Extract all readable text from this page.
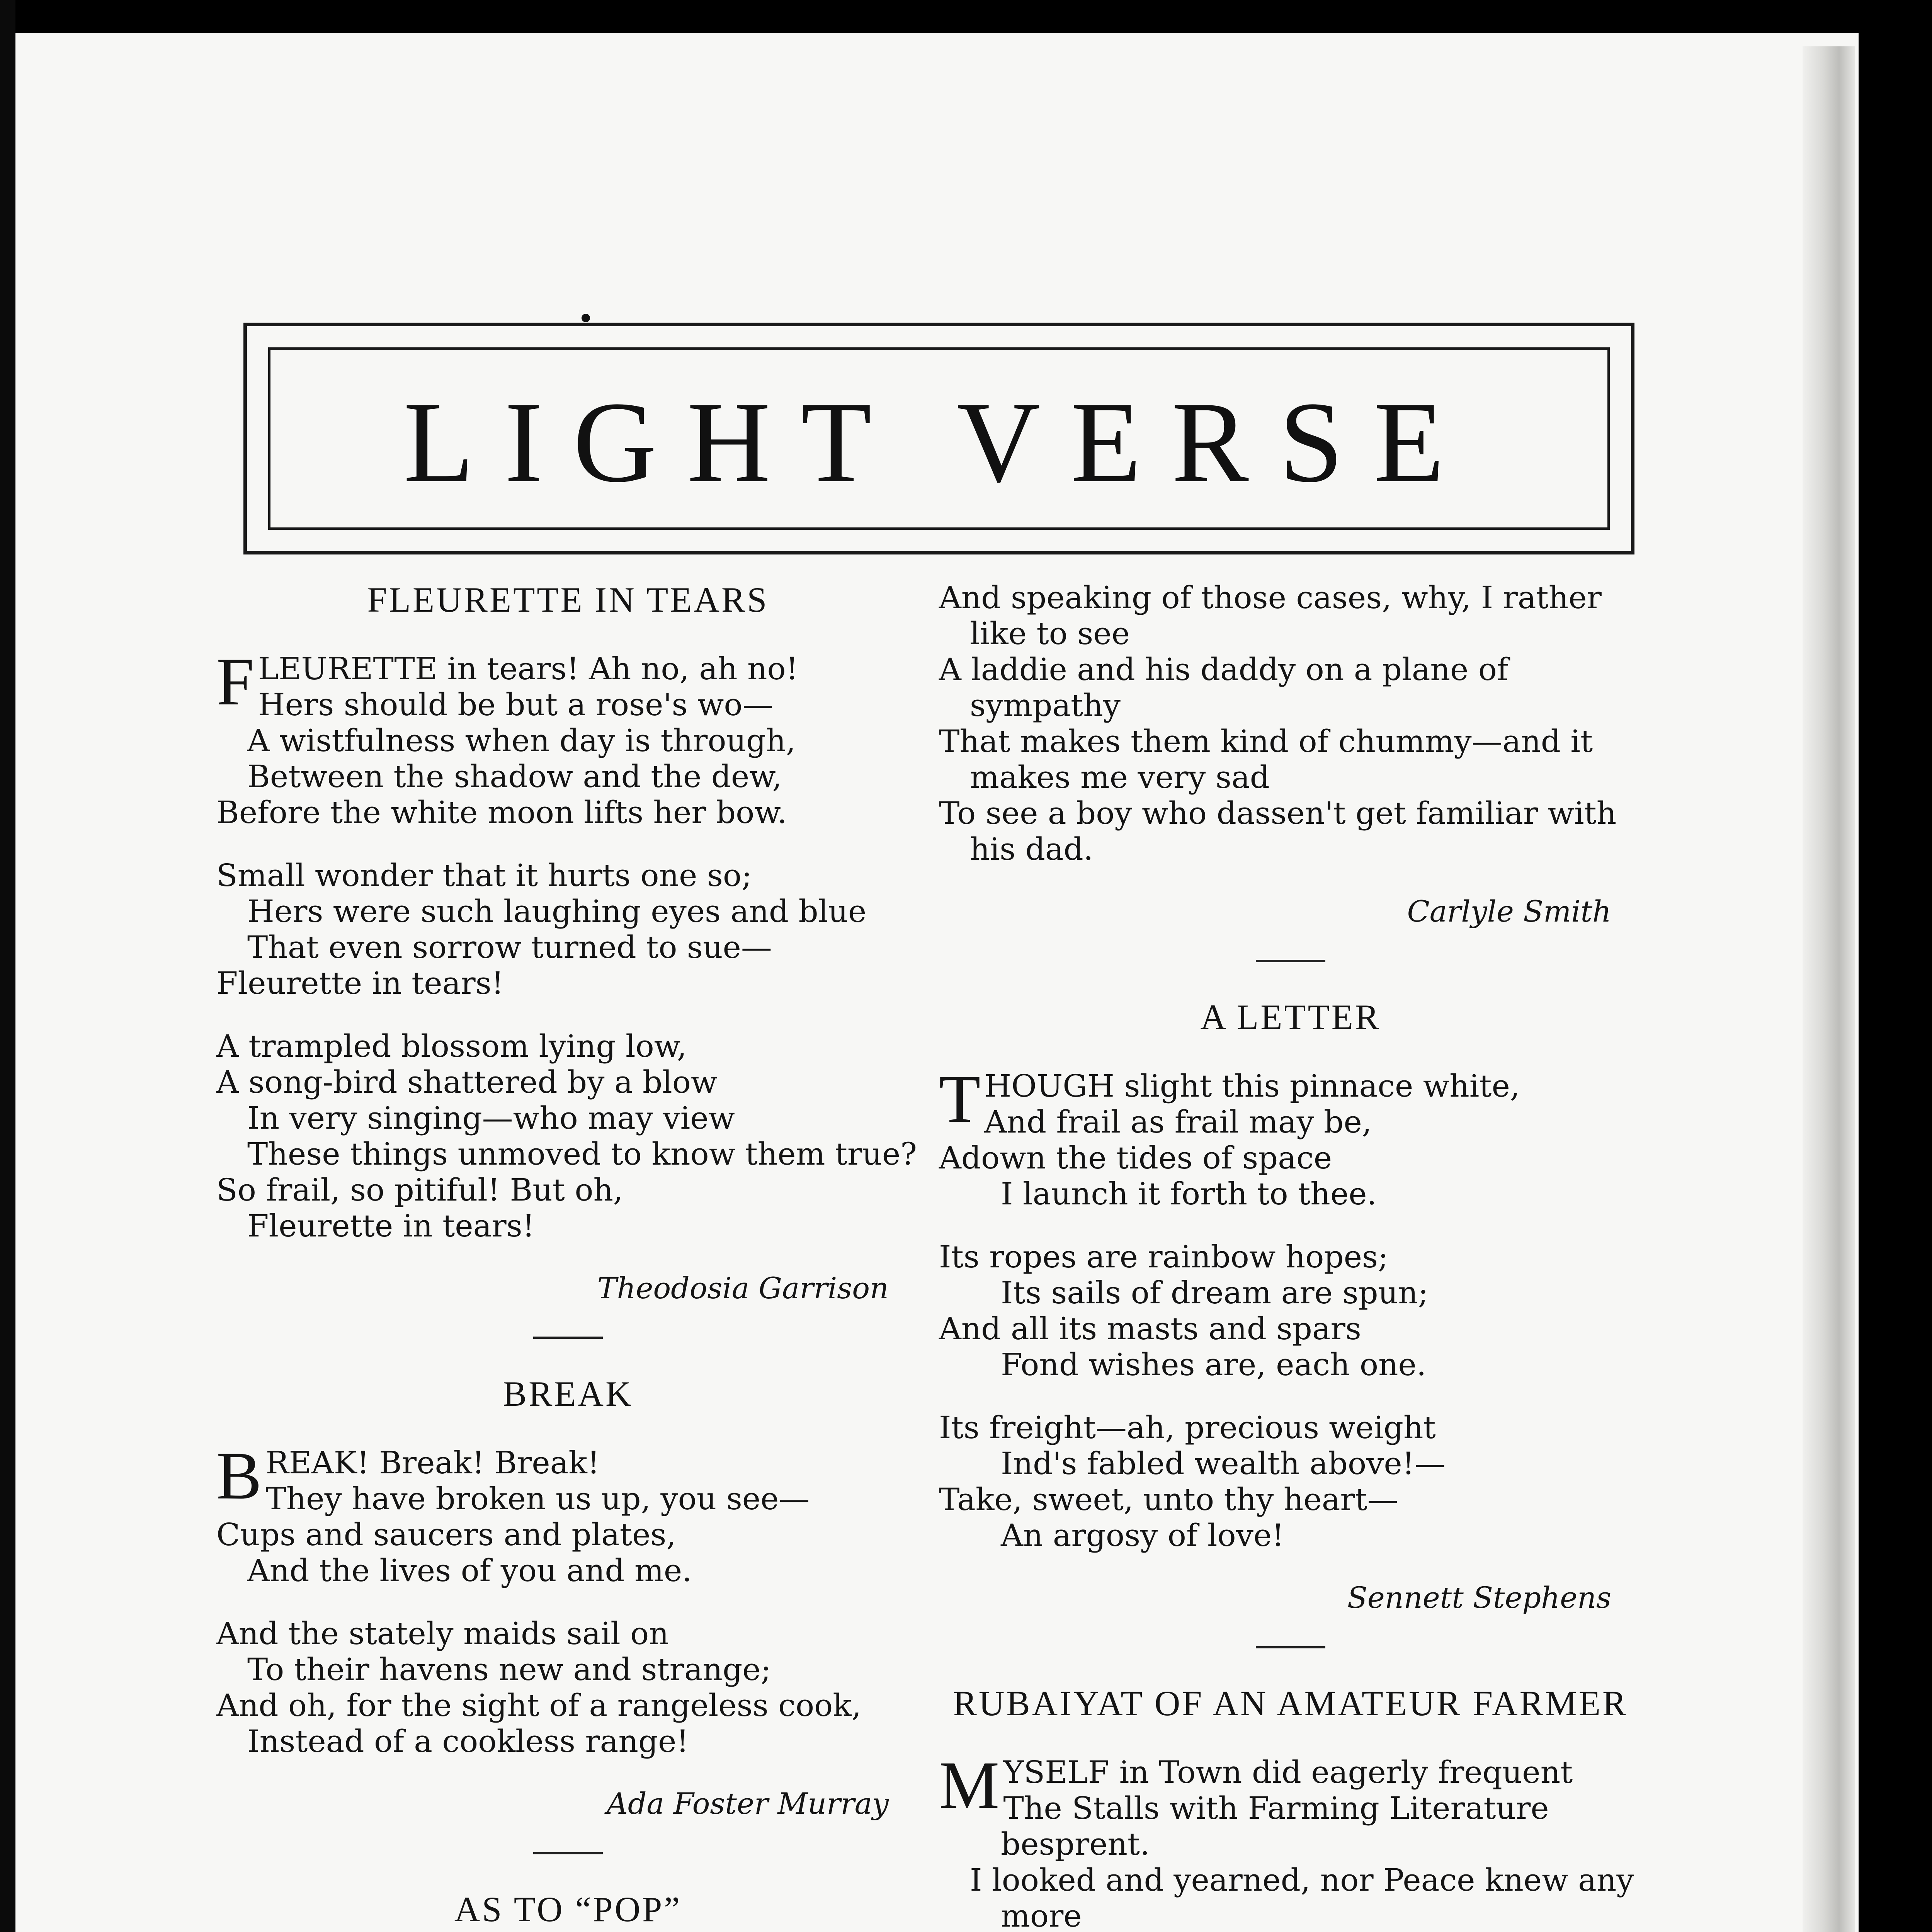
LIGHT VERSE
FLEURETTE IN TEARS
F LEURETTE in tears! Ah no, ah no!
Hers should be but a rose's wo—
A wistfulness when day is through,
Between the shadow and the dew,
Before the white moon lifts her bow.
Small wonder that it hurts one so;
Hers were such laughing eyes and blue
That even sorrow turned to sue—
Fleurette in tears!
A trampled blossom lying low,
A song-bird shattered by a blow
In very singing—who may view
These things unmoved to know them true?
So frail, so pitiful! But oh,
Fleurette in tears!
Theodosia Garrison
BREAK
B REAK! Break! Break!
They have broken us up, you see—
Cups and saucers and plates,
And the lives of you and me.
And the stately maids sail on
To their havens new and strange;
And oh, for the sight of a rangeless cook,
Instead of a cookless range!
Ada Foster Murray
AS TO “POP”
And speaking of those cases, why, I rather
like to see
A laddie and his daddy on a plane of
sympathy
That makes them kind of chummy—and it
makes me very sad
To see a boy who dassen't get familiar with
his dad.
Carlyle Smith
A LETTER
T HOUGH slight this pinnace white,
And frail as frail may be,
Adown the tides of space
I launch it forth to thee.
Its ropes are rainbow hopes;
Its sails of dream are spun;
And all its masts and spars
Fond wishes are, each one.
Its freight—ah, precious weight
Ind's fabled wealth above!—
Take, sweet, unto thy heart—
An argosy of love!
Sennett Stephens
RUBAIYAT OF AN AMATEUR FARMER
M YSELF in Town did eagerly frequent
The Stalls with Farming Literature
besprent.
I looked and yearned, nor Peace knew any
more
